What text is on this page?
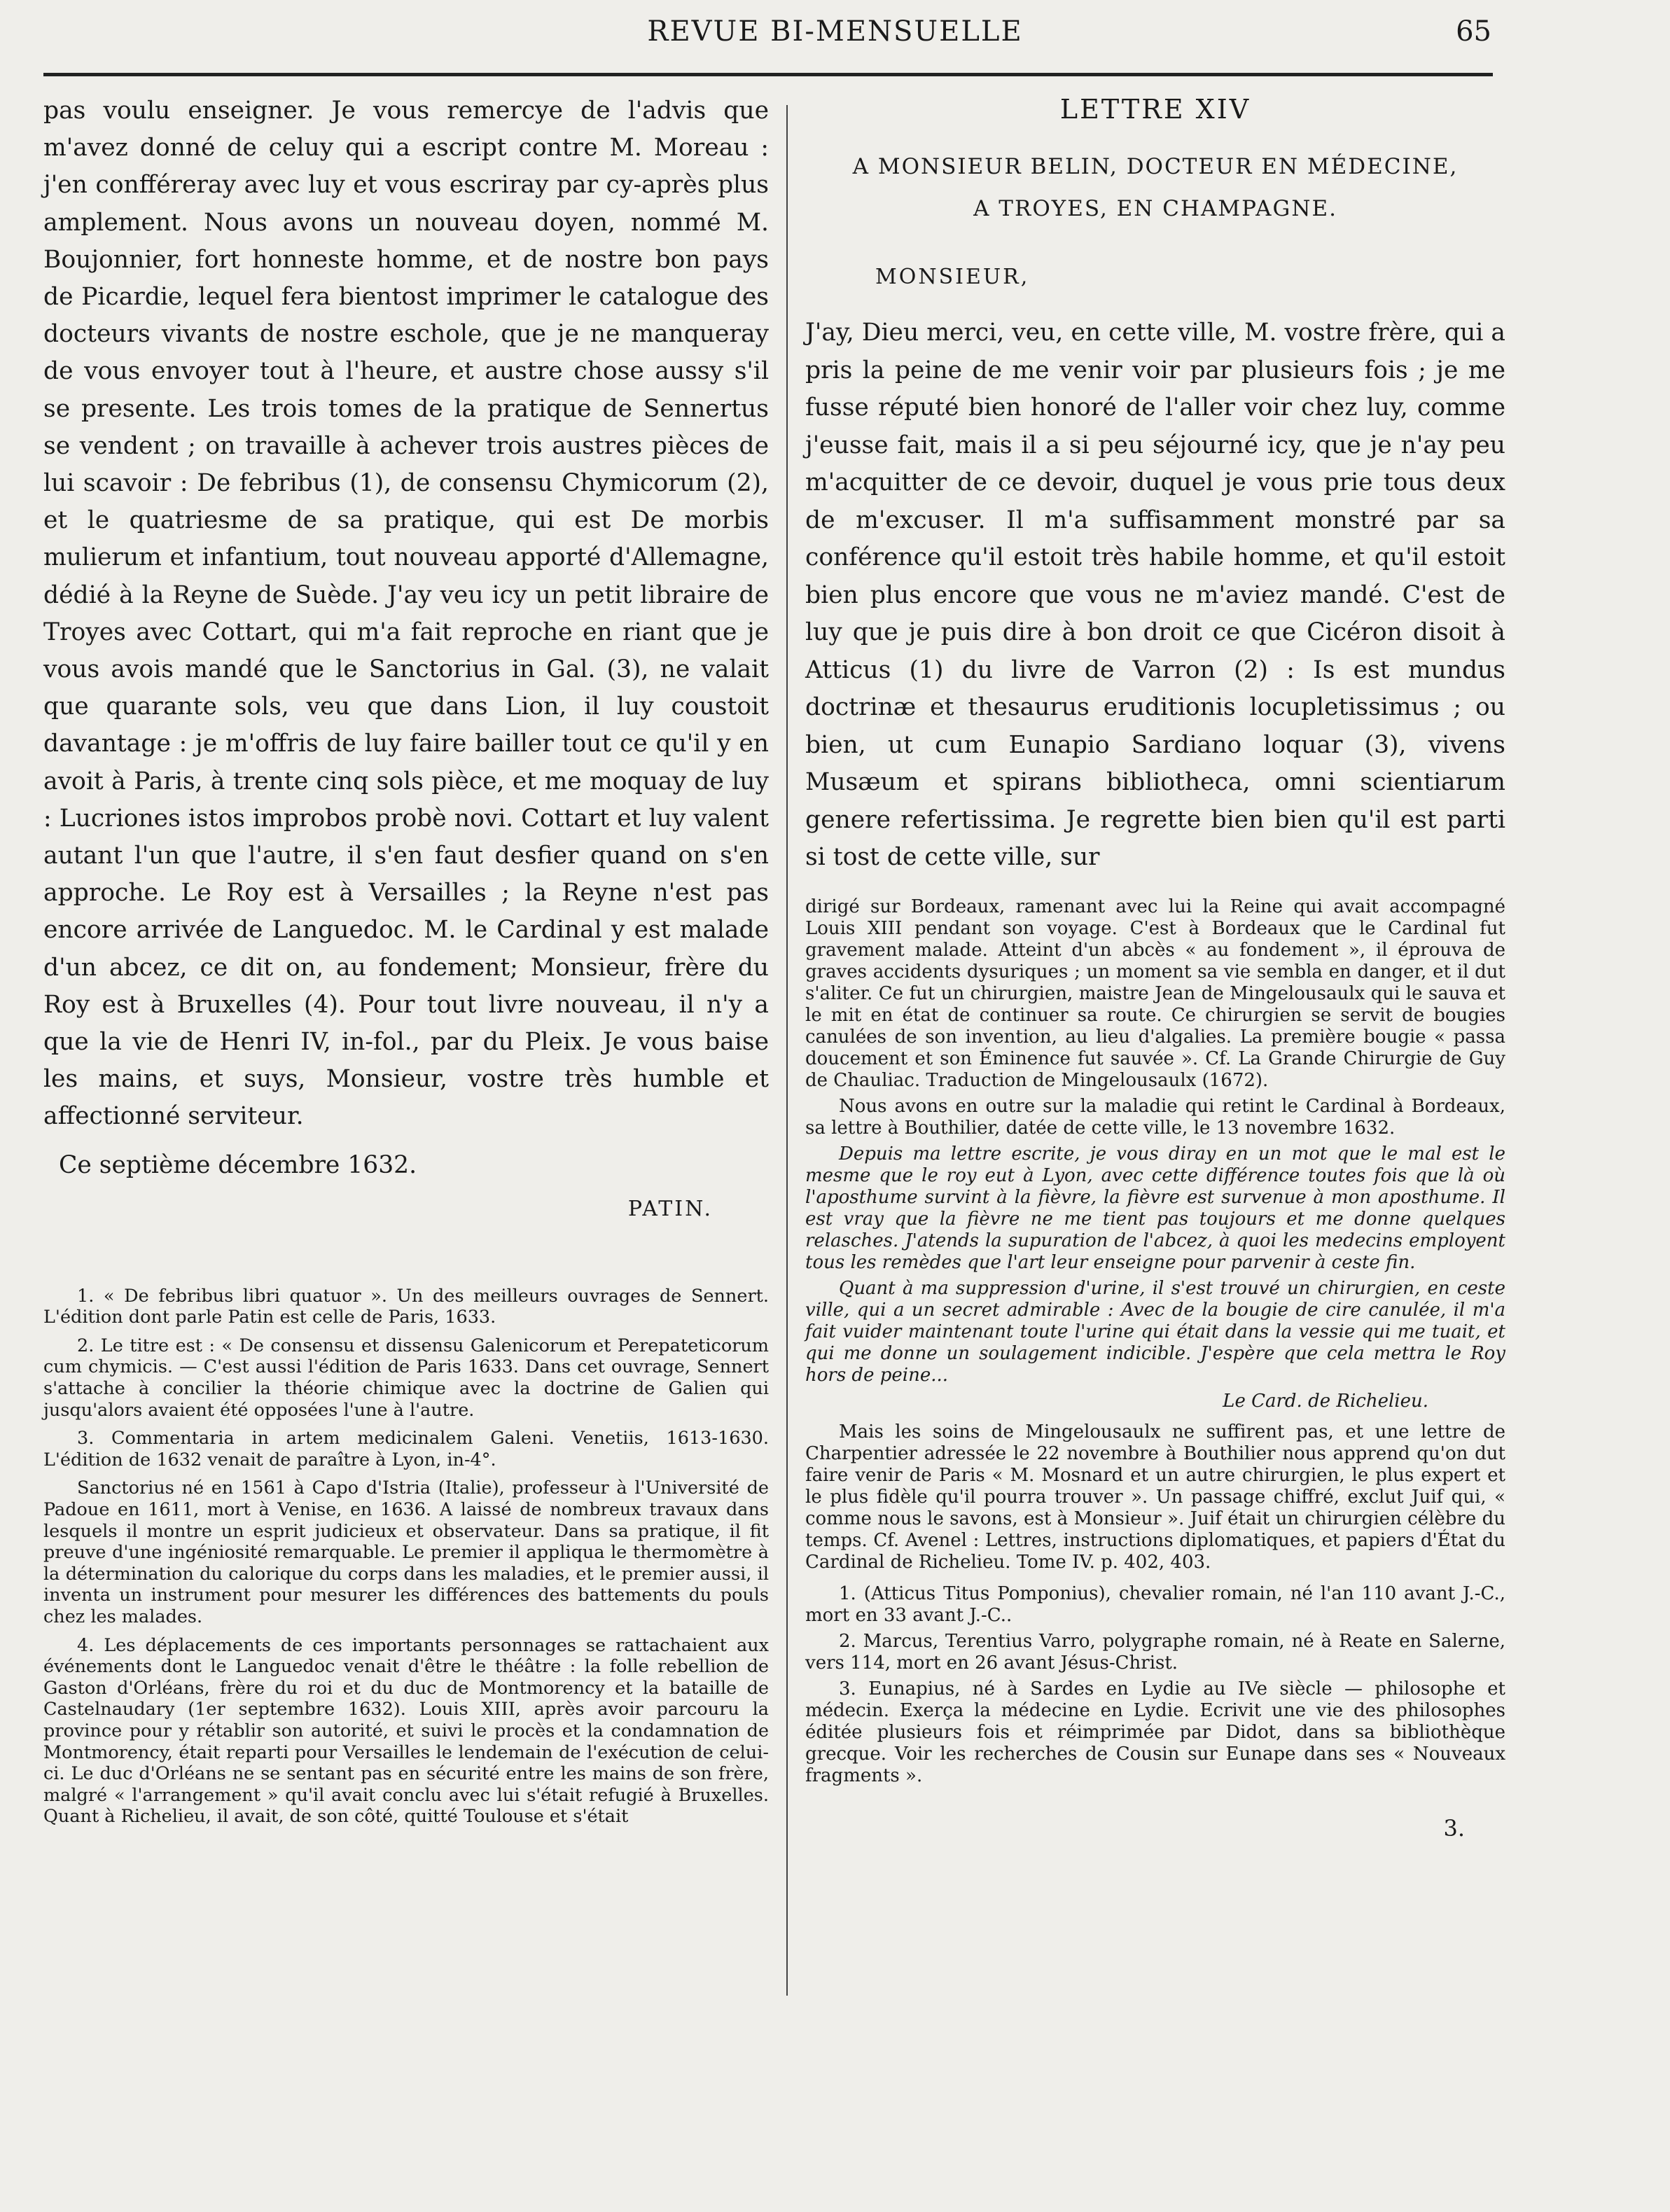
REVUE BI-MENSUELLE	65

pas voulu enseigner. Je vous remercye de l'advis que m'avez donné de celuy qui a escript contre M. Moreau : j'en confféreray avec luy et vous escriray par cy-après plus amplement. Nous avons un nouveau doyen, nommé M. Boujonnier, fort honneste homme, et de nostre bon pays de Picardie, lequel fera bientost imprimer le catalogue des docteurs vivants de nostre eschole, que je ne manqueray de vous envoyer tout à l'heure, et austre chose aussy s'il se presente. Les trois tomes de la pratique de Sennertus se vendent ; on travaille à achever trois austres pièces de lui scavoir : De febribus (1), de consensu Chymicorum (2), et le quatriesme de sa pratique, qui est De morbis mulierum et infantium, tout nouveau apporté d'Allemagne, dédié à la Reyne de Suède. J'ay veu icy un petit libraire de Troyes avec Cottart, qui m'a fait reproche en riant que je vous avois mandé que le Sanctorius in Gal. (3), ne valait que quarante sols, veu que dans Lion, il luy coustoit davantage : je m'offris de luy faire bailler tout ce qu'il y en avoit à Paris, à trente cinq sols pièce, et me moquay de luy : Lucriones istos improbos probè novi. Cottart et luy valent autant l'un que l'autre, il s'en faut desfier quand on s'en approche. Le Roy est à Versailles ; la Reyne n'est pas encore arrivée de Languedoc. M. le Cardinal y est malade d'un abcez, ce dit on, au fondement; Monsieur, frère du Roy est à Bruxelles (4). Pour tout livre nouveau, il n'y a que la vie de Henri IV, in-fol., par du Pleix. Je vous baise les mains, et suys, Monsieur, vostre très humble et affectionné serviteur.

Ce septième décembre 1632.

PATIN.

1. « De febribus libri quatuor ». Un des meilleurs ouvrages de Sennert. L'édition dont parle Patin est celle de Paris, 1633.

2. Le titre est : « De consensu et dissensu Galenicorum et Perepateticorum cum chymicis. — C'est aussi l'édition de Paris 1633. Dans cet ouvrage, Sennert s'attache à concilier la théorie chimique avec la doctrine de Galien qui jusqu'alors avaient été opposées l'une à l'autre.

3. Commentaria in artem medicinalem Galeni. Venetiis, 1613-1630. L'édition de 1632 venait de paraître à Lyon, in-4°.

Sanctorius né en 1561 à Capo d'Istria (Italie), professeur à l'Université de Padoue en 1611, mort à Venise, en 1636. A laissé de nombreux travaux dans lesquels il montre un esprit judicieux et observateur. Dans sa pratique, il fit preuve d'une ingéniosité remarquable. Le premier il appliqua le thermomètre à la détermination du calorique du corps dans les maladies, et le premier aussi, il inventa un instrument pour mesurer les différences des battements du pouls chez les malades.

4. Les déplacements de ces importants personnages se rattachaient aux événements dont le Languedoc venait d'être le théâtre : la folle rebellion de Gaston d'Orléans, frère du roi et du duc de Montmorency et la bataille de Castelnaudary (1er septembre 1632). Louis XIII, après avoir parcouru la province pour y rétablir son autorité, et suivi le procès et la condamnation de Montmorency, était reparti pour Versailles le lendemain de l'exécution de celui-ci. Le duc d'Orléans ne se sentant pas en sécurité entre les mains de son frère, malgré « l'arrangement » qu'il avait conclu avec lui s'était refugié à Bruxelles. Quant à Richelieu, il avait, de son côté, quitté Toulouse et s'était

LETTRE XIV
A MONSIEUR BELIN, DOCTEUR EN MÉDECINE,
A TROYES, EN CHAMPAGNE.
MONSIEUR,

J'ay, Dieu merci, veu, en cette ville, M. vostre frère, qui a pris la peine de me venir voir par plusieurs fois ; je me fusse réputé bien honoré de l'aller voir chez luy, comme j'eusse fait, mais il a si peu séjourné icy, que je n'ay peu m'acquitter de ce devoir, duquel je vous prie tous deux de m'excuser. Il m'a suffisamment monstré par sa conférence qu'il estoit très habile homme, et qu'il estoit bien plus encore que vous ne m'aviez mandé. C'est de luy que je puis dire à bon droit ce que Cicéron disoit à Atticus (1) du livre de Varron (2) : Is est mundus doctrinæ et thesaurus eruditionis locupletissimus ; ou bien, ut cum Eunapio Sardiano loquar (3), vivens Musæum et spirans bibliotheca, omni scientiarum genere refertissima. Je regrette bien bien qu'il est parti si tost de cette ville, sur

dirigé sur Bordeaux, ramenant avec lui la Reine qui avait accompagné Louis XIII pendant son voyage. C'est à Bordeaux que le Cardinal fut gravement malade. Atteint d'un abcès « au fondement », il éprouva de graves accidents dysuriques ; un moment sa vie sembla en danger, et il dut s'aliter. Ce fut un chirurgien, maistre Jean de Mingelousaulx qui le sauva et le mit en état de continuer sa route. Ce chirurgien se servit de bougies canulées de son invention, au lieu d'algalies. La première bougie « passa doucement et son Éminence fut sauvée ». Cf. La Grande Chirurgie de Guy de Chauliac. Traduction de Mingelousaulx (1672).

Nous avons en outre sur la maladie qui retint le Cardinal à Bordeaux, sa lettre à Bouthilier, datée de cette ville, le 13 novembre 1632.

Depuis ma lettre escrite, je vous diray en un mot que le mal est le mesme que le roy eut à Lyon, avec cette différence toutes fois que là où l'aposthume survint à la fièvre, la fièvre est survenue à mon aposthume. Il est vray que la fièvre ne me tient pas toujours et me donne quelques relasches. J'atends la supuration de l'abcez, à quoi les medecins employent tous les remèdes que l'art leur enseigne pour parvenir à ceste fin.

Quant à ma suppression d'urine, il s'est trouvé un chirurgien, en ceste ville, qui a un secret admirable : Avec de la bougie de cire canulée, il m'a fait vuider maintenant toute l'urine qui était dans la vessie qui me tuait, et qui me donne un soulagement indicible. J'espère que cela mettra le Roy hors de peine...

Le Card. de Richelieu.

Mais les soins de Mingelousaulx ne suffirent pas, et une lettre de Charpentier adressée le 22 novembre à Bouthilier nous apprend qu'on dut faire venir de Paris « M. Mosnard et un autre chirurgien, le plus expert et le plus fidèle qu'il pourra trouver ». Un passage chiffré, exclut Juif qui, « comme nous le savons, est à Monsieur ». Juif était un chirurgien célèbre du temps. Cf. Avenel : Lettres, instructions diplomatiques, et papiers d'État du Cardinal de Richelieu. Tome IV. p. 402, 403.

1. (Atticus Titus Pomponius), chevalier romain, né l'an 110 avant J.-C., mort en 33 avant J.-C..

2. Marcus, Terentius Varro, polygraphe romain, né à Reate en Salerne, vers 114, mort en 26 avant Jésus-Christ.

3. Eunapius, né à Sardes en Lydie au IVe siècle — philosophe et médecin. Exerça la médecine en Lydie. Ecrivit une vie des philosophes éditée plusieurs fois et réimprimée par Didot, dans sa bibliothèque grecque. Voir les recherches de Cousin sur Eunape dans ses « Nouveaux fragments ».

3.
